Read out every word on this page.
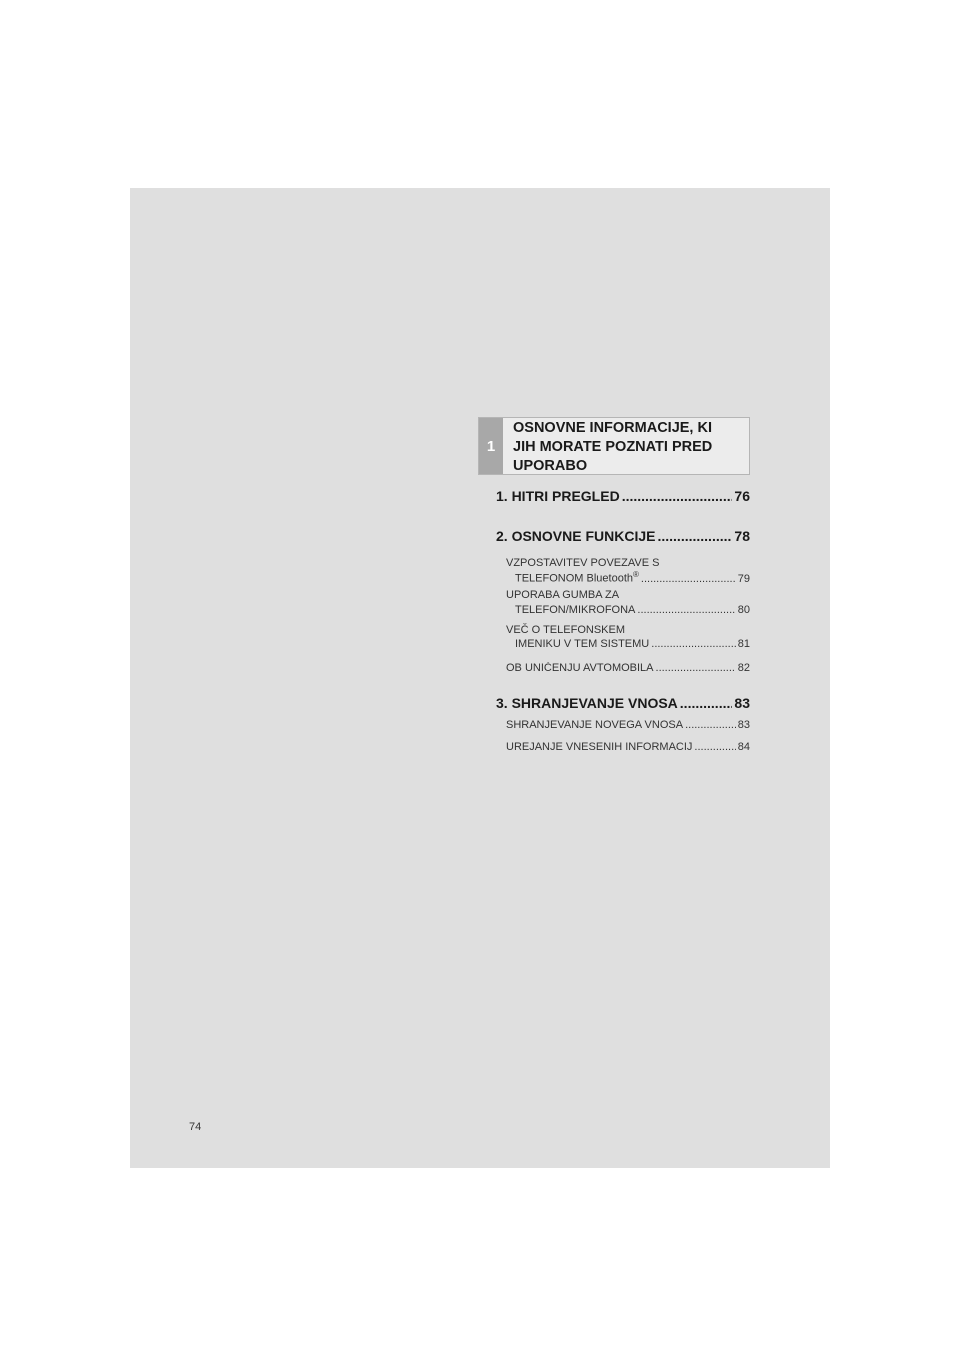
1
OSNOVNE INFORMACIJE, KI
JIH MORATE POZNATI PRED
UPORABO
1. HITRI PREGLED .....	76
2. OSNOVNE FUNKCIJE .....	78
VZPOSTAVITEV POVEZAVE S
TELEFONOM Bluetooth® .....	79
UPORABA GUMBA ZA
TELEFON/MIKROFONA .....	80
VEČ O TELEFONSKEM
IMENIKU V TEM SISTEMU .....	81
OB UNIČENJU AVTOMOBILA .....	82
3. SHRANJEVANJE VNOSA .....	83
SHRANJEVANJE NOVEGA VNOSA .....	83
UREJANJE VNESENIH INFORMACIJ .....	84
74
